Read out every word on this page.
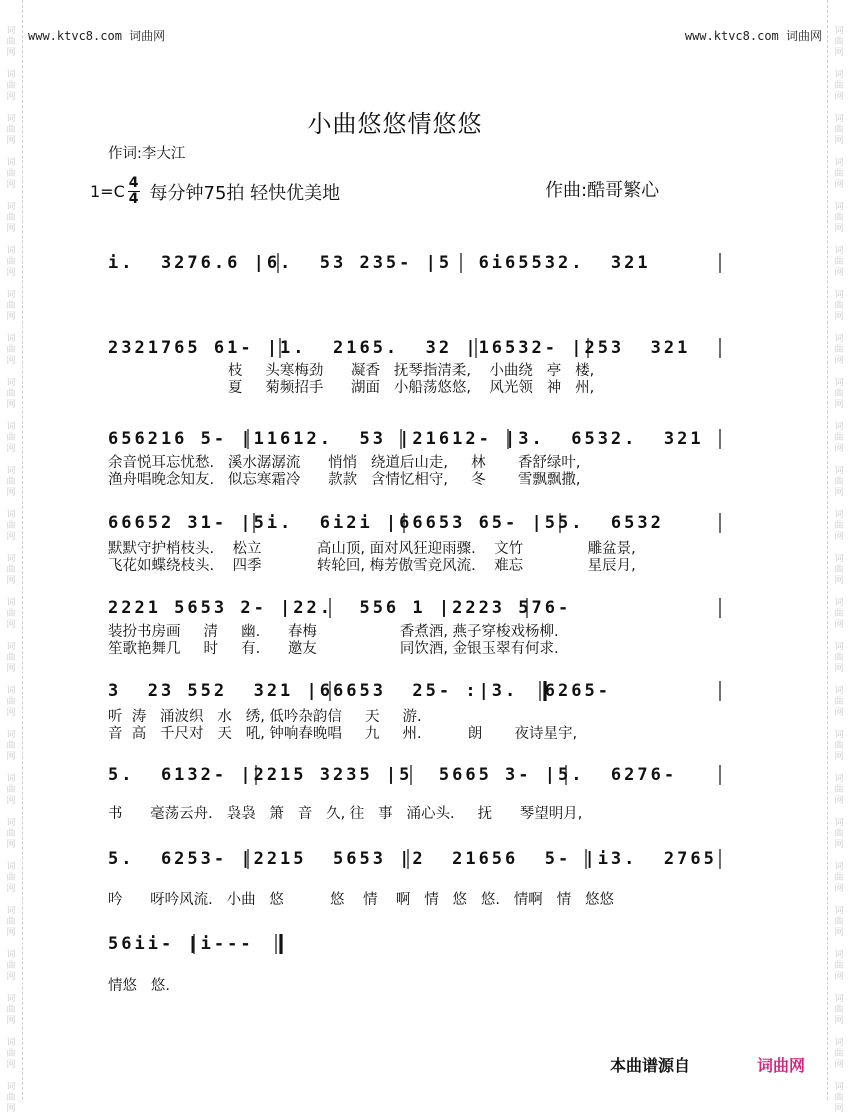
词
曲
网
词
曲
网
词
曲
网
词
曲
网
词
曲
网
词
曲
网
词
曲
网
词
曲
网
词
曲
网
词
曲
网
词
曲
网
词
曲
网
词
曲
网
词
曲
网
词
曲
网
词
曲
网
词
曲
网
词
曲
网
词
曲
网
词
曲
网
词
曲
网
词
曲
网
词
曲
网
词
曲
网
词
曲
网
词
曲
网
词
曲
网
词
曲
网
词
曲
网
词
曲
网
词
曲
网
词
曲
网
词
曲
网
词
曲
网
词
曲
网
词
曲
网
词
曲
网
词
曲
网
词
曲
网
词
曲
网
词
曲
网
词
曲
网
词
曲
网
词
曲
网
词
曲
网
词
曲
网
词
曲
网
词
曲
网
词
曲
网
词
曲
网
www.ktvc8.com 词曲网	www.ktvc8.com 词曲网
小曲悠悠情悠悠
作词:李大江
作曲:酷哥繁心
$1=C \frac{4}{4}$ 每分钟75拍 轻快优美地
i.  3276.6 |6.  53 235- |5  6i65532.  321
2321765 61- |1.  2165.  32 |16532- |253  321
枝     头寒梅劲      凝香   抚琴指清柔,    小曲绕   亭   楼,
夏     菊频招手      湖面   小船荡悠悠,    风光领   神   州,
656216 5- |11612.  53 |21612- |3.  6532.  321
余音悦耳忘忧愁.   溪水潺潺流      悄悄   绕道后山走,     林       香舒绿叶,
渔舟唱晚念知友.   似忘寒霜冷      款款   含情忆相守,     冬       雪飘飘撒,
66652 31- |5i.  6i2i |66653 65- |55.  6532
默默守护梢枝头.    松立            高山顶, 面对风狂迎雨骤.    文竹              雕盆景,
飞花如蝶绕枝头.    四季            转轮回, 梅芳傲雪竞风流.    难忘              星辰月,
2221 5653 2- |22.  556 1 |2223 576-
装扮书房画     清     幽.      春梅                  香煮酒, 燕子穿梭戏杨柳.
笙歌艳舞几     时     有.      邀友                  同饮酒, 金银玉翠有何求.
3  23 552  321 |66653  25- :|3.  6265-
听  涛   涌波织   水   绣, 低吟杂韵信     天     游.
音  高   千尺对   天   吼, 钟响春晚唱     九     州.          朗       夜诗星宇,
5.  6132- |2215 3235 |5  5665 3- |5.  6276-
书      毫荡云舟.   袅袅   箫   音   久, 往   事   涌心头.     抚      琴望明月,
5.  6253- |2215  5653 |2  21656  5- |i3.  2765
吟      呀吟风流.   小曲   悠          悠    情    啊   情   悠   悠.   情啊   情   悠悠
56ii- |i---
情悠   悠.
本曲谱源自	词曲网
